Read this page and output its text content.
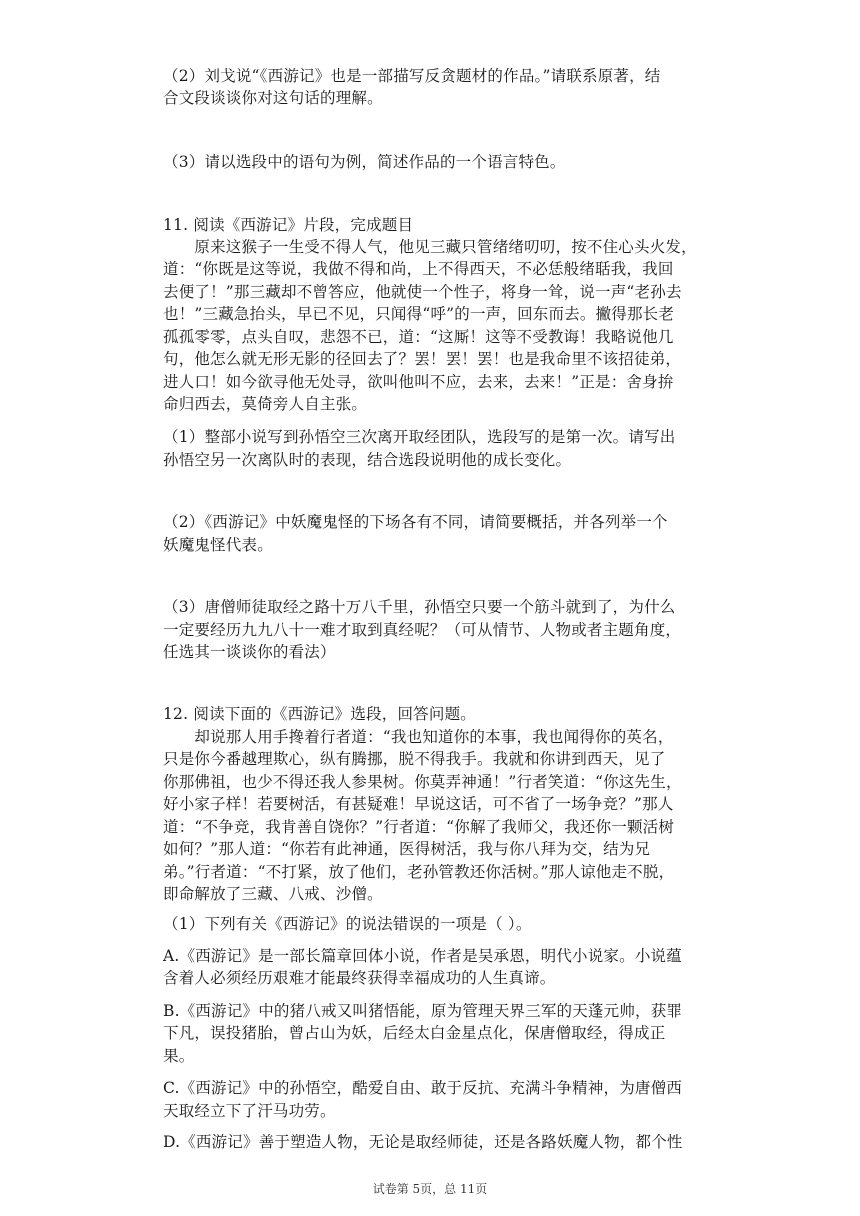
（2）刘戈说“《西游记》也是一部描写反贪题材的作品。”请联系原著，结
合文段谈谈你对这句话的理解。
（3）请以选段中的语句为例，简述作品的一个语言特色。
11. 阅读《西游记》片段，完成题目
　　原来这猴子一生受不得人气，他见三藏只管绪绪叨叨，按不住心头火发，
道：“你既是这等说，我做不得和尚，上不得西天，不必恁般绪聒我，我回
去便了！”那三藏却不曾答应，他就使一个性子，将身一耸，说一声“老孙去
也！”三藏急抬头，早已不见，只闻得“呼”的一声，回东而去。撇得那长老
孤孤零零，点头自叹，悲怨不已，道：“这厮！这等不受教诲！我略说他几
句，他怎么就无形无影的径回去了？罢！罢！罢！也是我命里不该招徒弟，
进人口！如今欲寻他无处寻，欲叫他叫不应，去来，去来！”正是：舍身拚
命归西去，莫倚旁人自主张。
（1）整部小说写到孙悟空三次离开取经团队，选段写的是第一次。请写出
孙悟空另一次离队时的表现，结合选段说明他的成长变化。
（2）《西游记》中妖魔鬼怪的下场各有不同，请简要概括，并各列举一个
妖魔鬼怪代表。
（3）唐僧师徒取经之路十万八千里，孙悟空只要一个筋斗就到了，为什么
一定要经历九九八十一难才取到真经呢？（可从情节、人物或者主题角度，
任选其一谈谈你的看法）
12. 阅读下面的《西游记》选段，回答问题。
　　却说那人用手搀着行者道：“我也知道你的本事，我也闻得你的英名，
只是你今番越理欺心，纵有腾挪，脱不得我手。我就和你讲到西天，见了
你那佛祖，也少不得还我人参果树。你莫弄神通！”行者笑道：“你这先生，
好小家子样！若要树活，有甚疑难！早说这话，可不省了一场争竞？”那人
道：“不争竞，我肯善自饶你？”行者道：“你解了我师父，我还你一颗活树
如何？”那人道：“你若有此神通，医得树活，我与你八拜为交，结为兄
弟。”行者道：“不打紧，放了他们，老孙管教还你活树。”那人谅他走不脱，
即命解放了三藏、八戒、沙僧。
（1）下列有关《西游记》的说法错误的一项是（ ）。
A.《西游记》是一部长篇章回体小说，作者是吴承恩，明代小说家。小说蕴
含着人必须经历艰难才能最终获得幸福成功的人生真谛。
B.《西游记》中的猪八戒又叫猪悟能，原为管理天界三军的天蓬元帅，获罪
下凡，误投猪胎，曾占山为妖，后经太白金星点化，保唐僧取经，得成正
果。
C.《西游记》中的孙悟空，酷爱自由、敢于反抗、充满斗争精神，为唐僧西
天取经立下了汗马功劳。
D.《西游记》善于塑造人物，无论是取经师徒，还是各路妖魔人物，都个性
试卷第 5页，总 11页
